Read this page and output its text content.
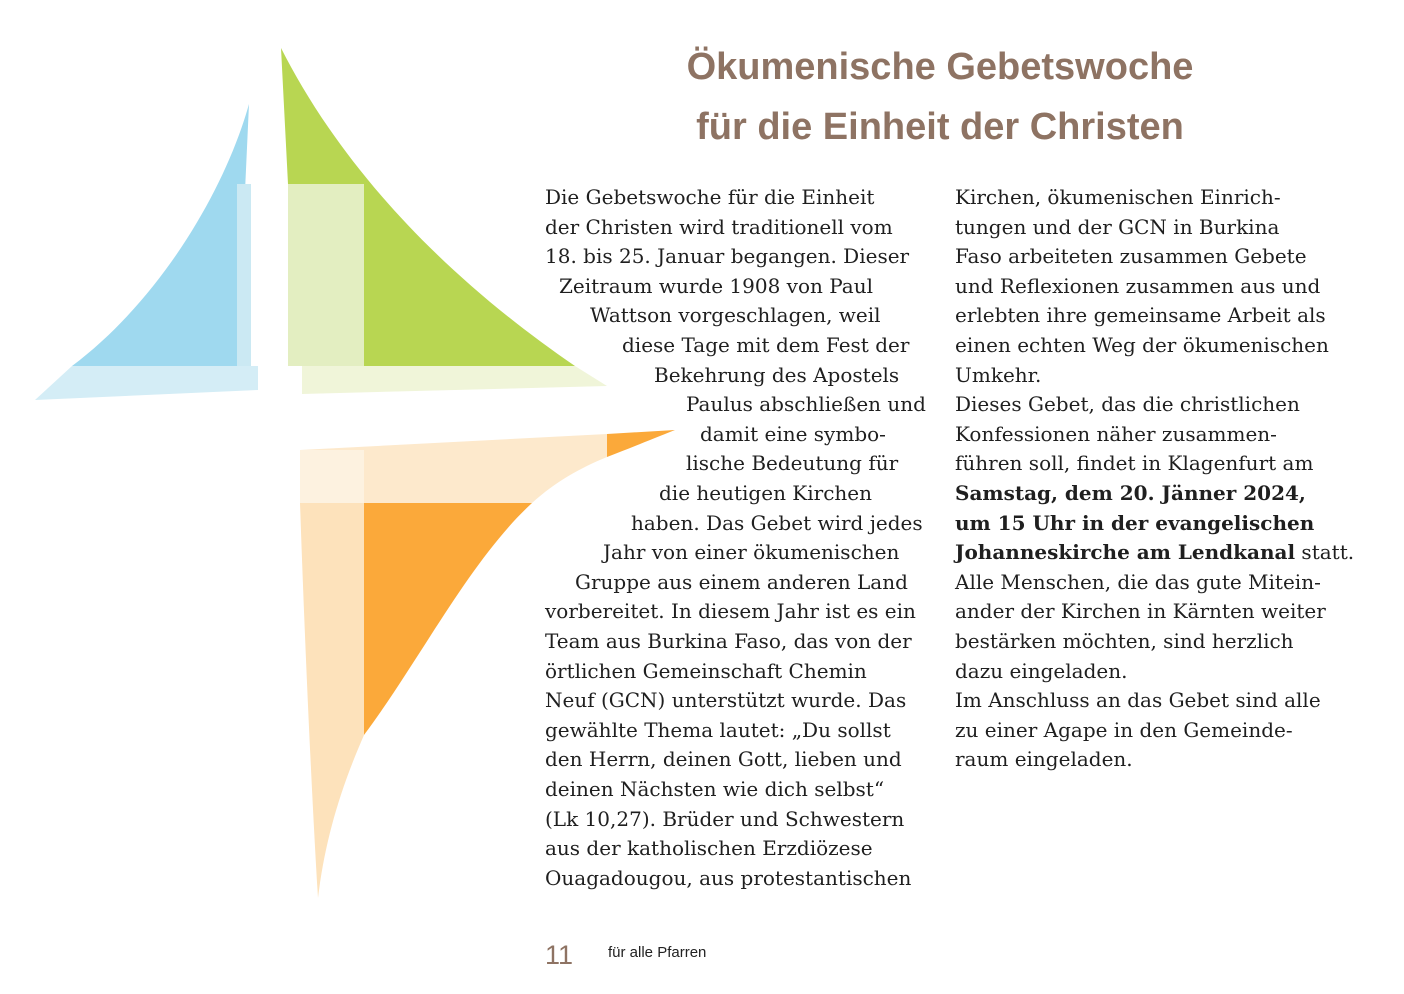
Ökumenische Gebetswoche
für die Einheit der Christen
Die Gebetswoche für die Einheit
der Christen wird traditionell vom
18. bis 25. Januar begangen. Dieser
Zeitraum wurde 1908 von Paul
Wattson vorgeschlagen, weil
diese Tage mit dem Fest der
Bekehrung des Apostels
Paulus abschließen und
damit eine symbo-
lische Bedeutung für
die heutigen Kirchen
haben. Das Gebet wird jedes
Jahr von einer ökumenischen
Gruppe aus einem anderen Land
vorbereitet. In diesem Jahr ist es ein
Team aus Burkina Faso, das von der
örtlichen Gemeinschaft Chemin
Neuf (GCN) unterstützt wurde. Das
gewählte Thema lautet: „Du sollst
den Herrn, deinen Gott, lieben und
deinen Nächsten wie dich selbst“
(Lk 10,27). Brüder und Schwestern
aus der katholischen Erzdiözese
Ouagadougou, aus protestantischen
Kirchen, ökumenischen Einrich-
tungen und der GCN in Burkina
Faso arbeiteten zusammen Gebete
und Reflexionen zusammen aus und
erlebten ihre gemeinsame Arbeit als
einen echten Weg der ökumenischen
Umkehr.
Dieses Gebet, das die christlichen
Konfessionen näher zusammen-
führen soll, findet in Klagenfurt am
Samstag, dem 20. Jänner 2024,
um 15 Uhr in der evangelischen
Johanneskirche am Lendkanal statt.
Alle Menschen, die das gute Mitein-
ander der Kirchen in Kärnten weiter
bestärken möchten, sind herzlich
dazu eingeladen.
Im Anschluss an das Gebet sind alle
zu einer Agape in den Gemeinde-
raum eingeladen.
11 für alle Pfarren
